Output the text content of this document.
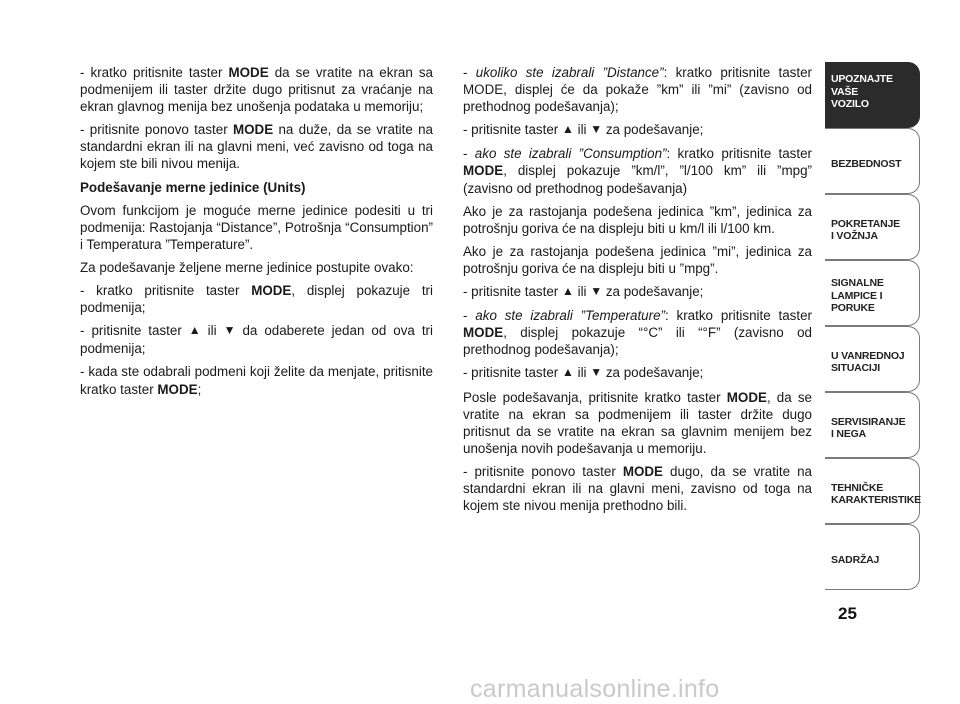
- kratko pritisnite taster MODE da se vratite na ekran sa podmenijem ili taster držite dugo pritisnut za vraćanje na ekran glavnog menija bez unošenja podataka u memoriju;

- pritisnite ponovo taster MODE na duže, da se vratite na standardni ekran ili na glavni meni, već zavisno od toga na kojem ste bili nivou menija.

Podešavanje merne jedinice (Units)

Ovom funkcijom je moguće merne jedinice podesiti u tri podmenija: Rastojanja “Distance”, Potrošnja “Consumption” i Temperatura ”Temperature”.

Za podešavanje željene merne jedinice postupite ovako:

- kratko pritisnite taster MODE, displej pokazuje tri podmenija;

- pritisnite taster ▲ ili ▼ da odaberete jedan od ova tri podmenija;

- kada ste odabrali podmeni koji želite da menjate, pritisnite kratko taster MODE;

- ukoliko ste izabrali ”Distance”: kratko pritisnite taster MODE, displej će da pokaže ”km” ili ”mi” (zavisno od prethodnog podešavanja);

- pritisnite taster ▲ ili ▼ za podešavanje;

- ako ste izabrali ”Consumption”: kratko pritisnite taster MODE, displej pokazuje ”km/l”, ”l/100 km” ili ”mpg” (zavisno od prethodnog podešavanja)

Ako je za rastojanja podešena jedinica ”km”, jedinica za potrošnju goriva će na displeju biti u km/l ili l/100 km.

Ako je za rastojanja podešena jedinica ”mi”, jedinica za potrošnju goriva će na displeju biti u ”mpg”.

- pritisnite taster ▲ ili ▼ za podešavanje;

- ako ste izabrali ”Temperature”: kratko pritisnite taster MODE, displej pokazuje “°C” ili “°F” (zavisno od prethodnog podešavanja);

- pritisnite taster ▲ ili ▼ za podešavanje;

Posle podešavanja, pritisnite kratko taster MODE, da se vratite na ekran sa podmenijem ili taster držite dugo pritisnut da se vratite na ekran sa glavnim menijem bez unošenja novih podešavanja u memoriju.

- pritisnite ponovo taster MODE dugo, da se vratite na standardni ekran ili na glavni meni, zavisno od toga na kojem ste nivou menija prethodno bili.

UPOZNAJTE
VAŠE
VOZILO
BEZBEDNOST
POKRETANJE
I VOŽNJA
SIGNALNE
LAMPICE I PORUKE
U VANREDNOJ
SITUACIJI
SERVISIRANJE
I NEGA
TEHNIČKE
KARAKTERISTIKE
SADRŽAJ
25
carmanualsonline.info
